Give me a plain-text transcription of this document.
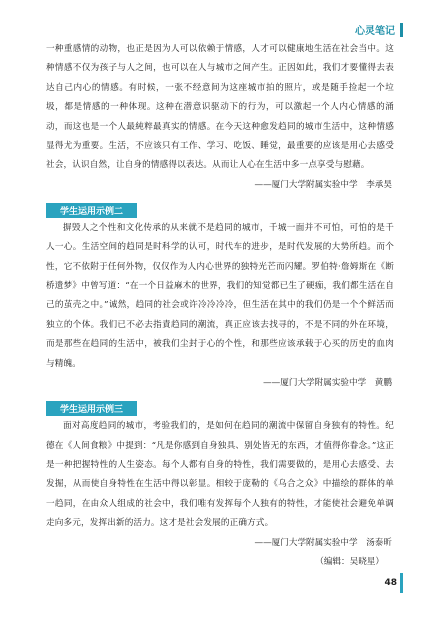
心灵笔记

一种重感情的动物，也正是因为人可以依赖于情感，人才可以健康地生活在社会当中。这种情感不仅为孩子与人之间，也可以在人与城市之间产生。正因如此，我们才要懂得去表达自己内心的情感。有时候，一张不经意间为这座城市拍的照片，或是随手捡起一个垃圾，都是情感的一种体现。这种在潜意识驱动下的行为，可以激起一个人内心情感的涌动，而这也是一个人最純粹最真实的情感。在今天这种愈发趋同的城市生活中，这种情感显得尤为重要。生活，不应该只有工作、学习、吃饭、睡觉，最重要的应该是用心去感受社会，认识自然，让自身的情感得以表达。从而让人心在生活中多一点享受与慰藉。

——厦门大学附属实验中学　李承昊

学生运用示例二

摒毁人之个性和文化传承的从来就不是趋同的城市，千城一面并不可怕，可怕的是千人一心。生活空间的趋同是时科学的认可，时代车的进步，是时代发展的大势所趋。而个性，它不依附于任何外物，仅仅作为人内心世界的独特光芒而闪耀。罗伯特·詹姆斯在《断桥遗梦》中曾写道：“在一个日益麻木的世界，我们的知觉都已生了硬痂，我们都生活在自己的茧壳之中。”诚然，趋同的社会或许冷冷冷冷，但生活在其中的我们仍是一个个鲜活而独立的个体。我们已不必去指責趋同的潮流，真正应该去找寻的，不是不同的外在环境，而是那些在趋同的生活中，被我们尘封于心的个性，和那些应该承载于心买的历史的血肉与精魄。

——厦门大学附属实验中学　黄鹏

学生运用示例三

面对高度趋同的城市，考验我们的，是如何在趋同的潮流中保留自身独有的特性。纪德在《人间食粮》中提到：“凡是你感到自身独具、别处皆无的东西，才值得你眷念。”这正是一种把握特性的人生姿态。每个人都有自身的特性，我们需要做的，是用心去感受、去发掘，从而使自身特性在生活中得以彰显。相较于庞勒的《乌合之众》中描绘的群体的单一趋同，在由众人组成的社会中，我们唯有发挥每个人独有的特性，才能使社会避免单调走向多元，发挥出新的活力。这才是社会发展的正确方式。

——厦门大学附属实验中学　汤泰昕

（编辑：吴晓星）

48
